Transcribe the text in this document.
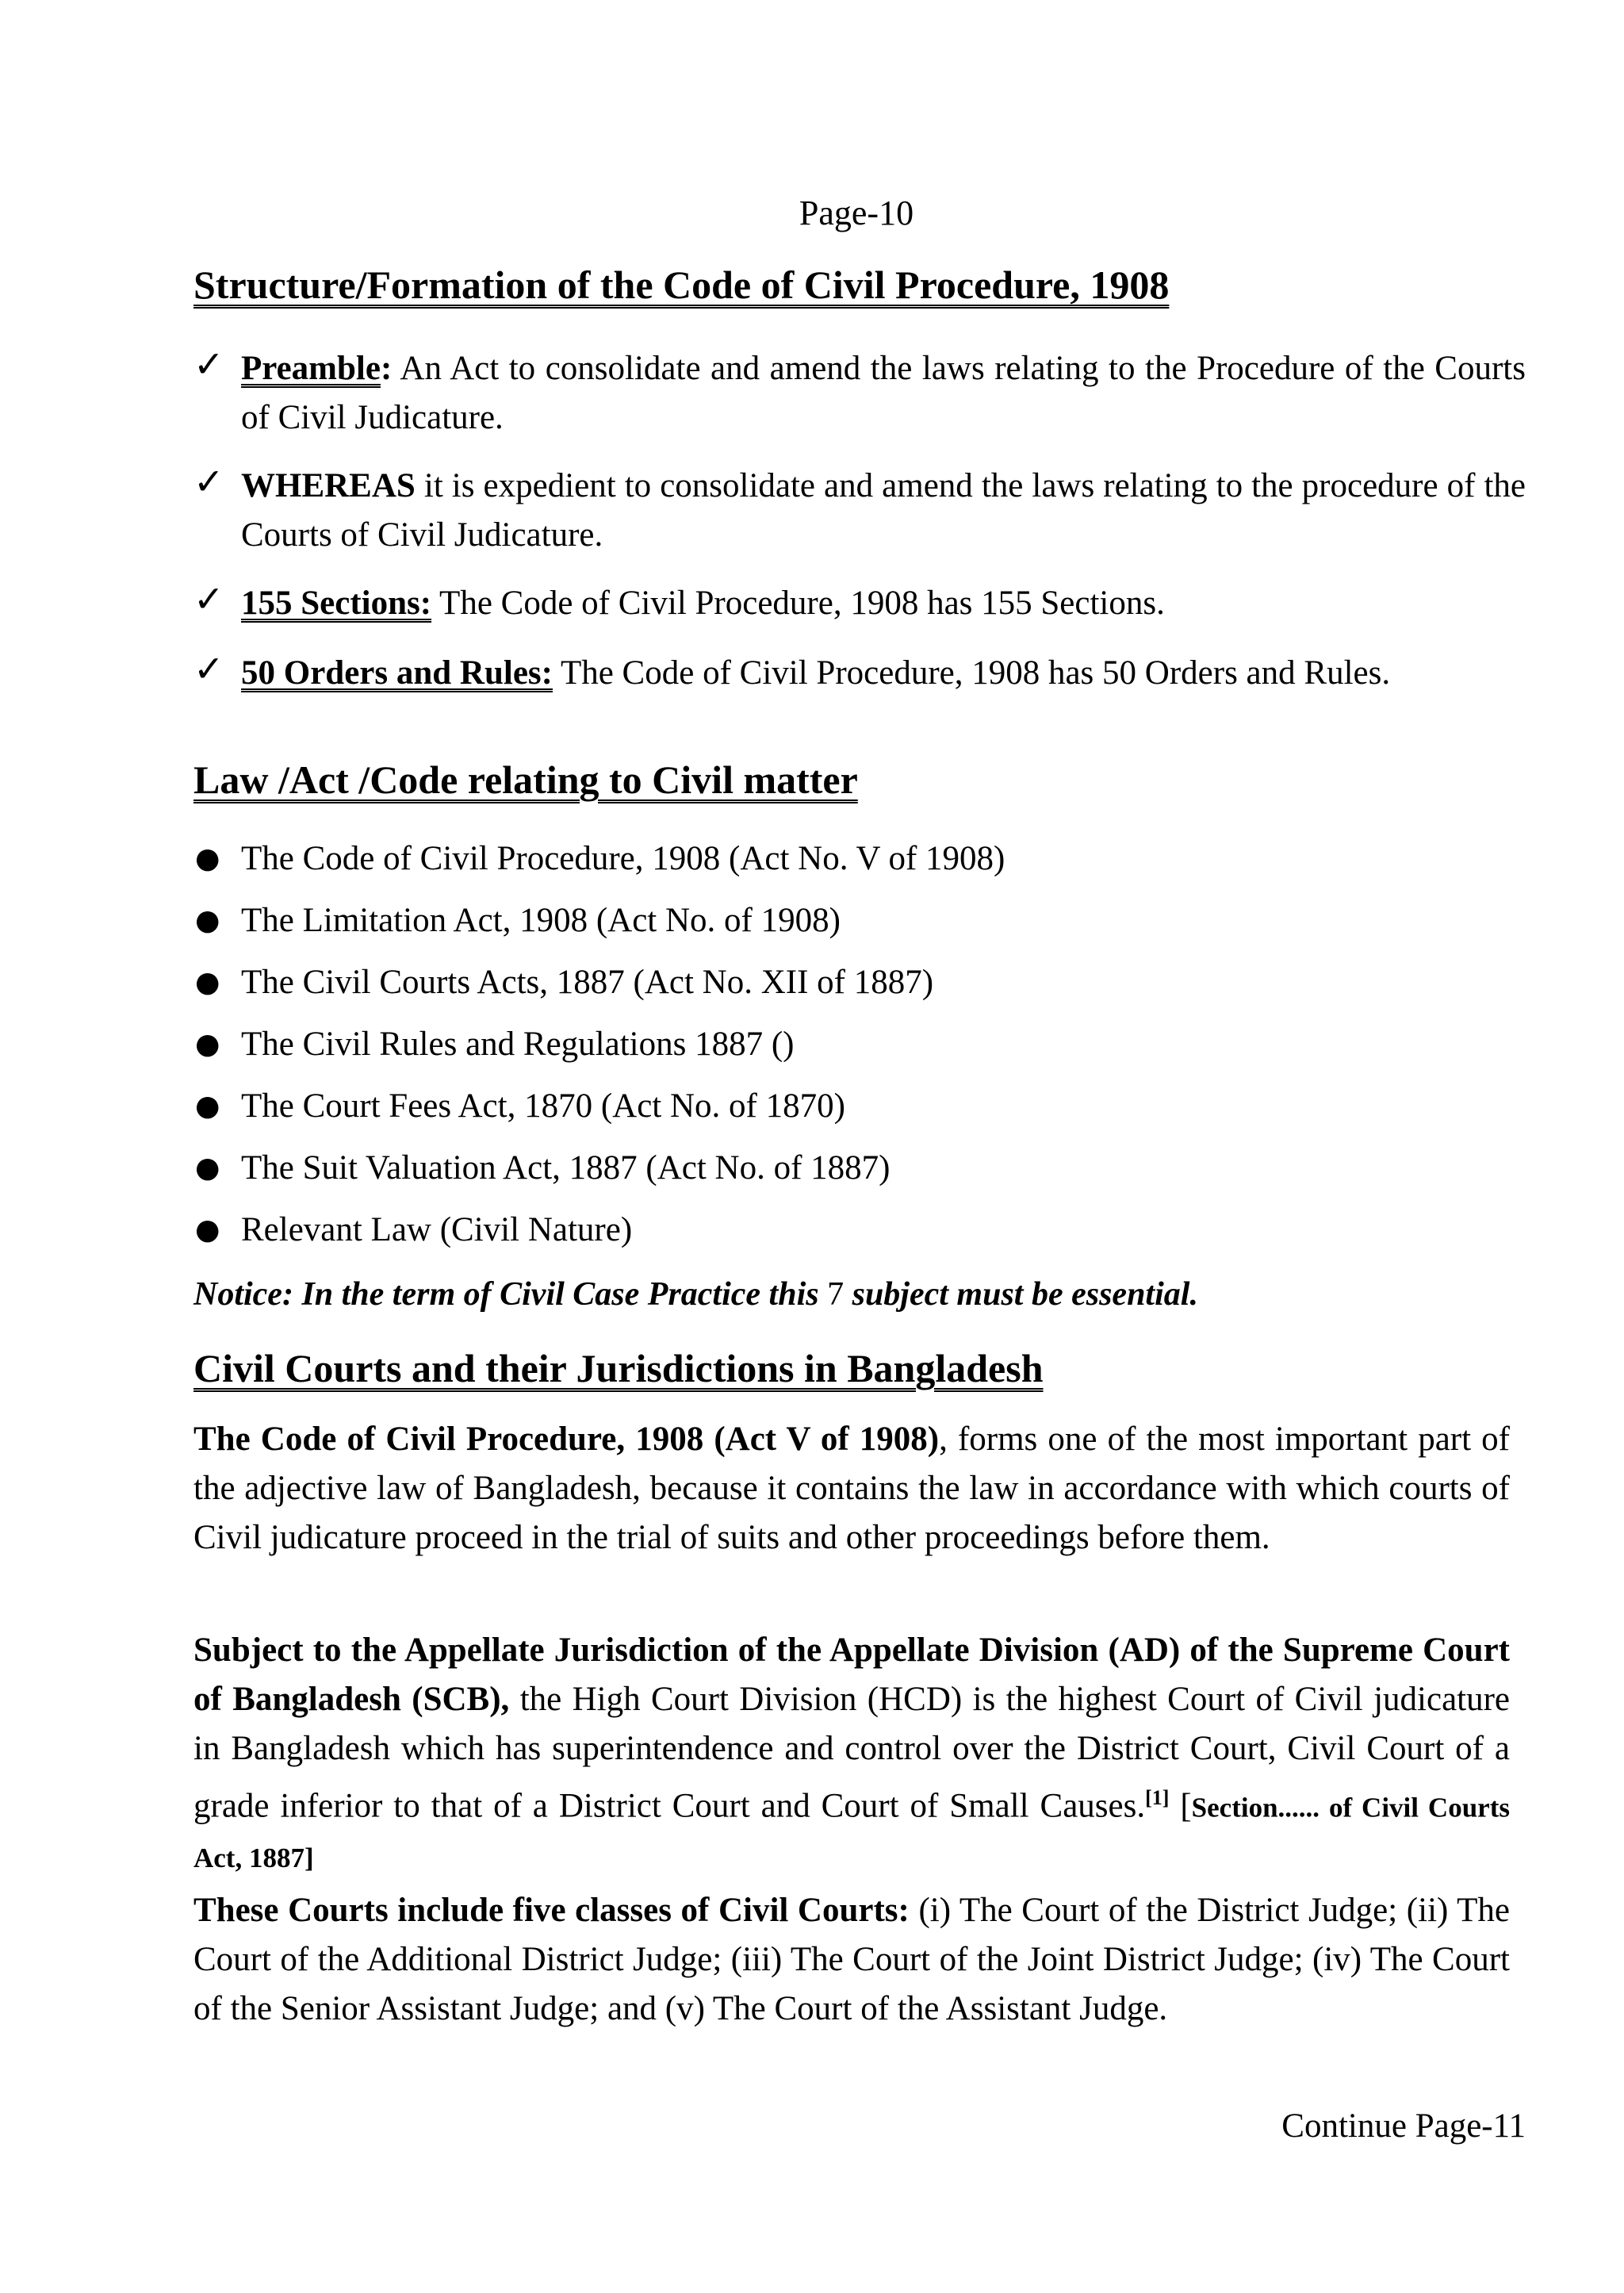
Page-10
Structure/Formation of the Code of Civil Procedure, 1908
✓ Preamble: An Act to consolidate and amend the laws relating to the Procedure of the Courts of Civil Judicature.
✓ WHEREAS it is expedient to consolidate and amend the laws relating to the procedure of the Courts of Civil Judicature.
✓ 155 Sections: The Code of Civil Procedure, 1908 has 155 Sections.
✓ 50 Orders and Rules: The Code of Civil Procedure, 1908 has 50 Orders and Rules.
Law /Act /Code relating to Civil matter
● The Code of Civil Procedure, 1908 (Act No. V of 1908)
● The Limitation Act, 1908 (Act No. of 1908)
● The Civil Courts Acts, 1887 (Act No. XII of 1887)
● The Civil Rules and Regulations 1887 ()
● The Court Fees Act, 1870 (Act No. of 1870)
● The Suit Valuation Act, 1887 (Act No. of 1887)
● Relevant Law (Civil Nature)
Notice: In the term of Civil Case Practice this 7 subject must be essential.
Civil Courts and their Jurisdictions in Bangladesh

The Code of Civil Procedure, 1908 (Act V of 1908), forms one of the most important part of the adjective law of Bangladesh, because it contains the law in accordance with which courts of Civil judicature proceed in the trial of suits and other proceedings before them.

Subject to the Appellate Jurisdiction of the Appellate Division (AD) of the Supreme Court of Bangladesh (SCB), the High Court Division (HCD) is the highest Court of Civil judicature in Bangladesh which has superintendence and control over the District Court, Civil Court of a grade inferior to that of a District Court and Court of Small Causes.[1] [Section...... of Civil Courts Act, 1887]

These Courts include five classes of Civil Courts: (i) The Court of the District Judge; (ii) The Court of the Additional District Judge; (iii) The Court of the Joint District Judge; (iv) The Court of the Senior Assistant Judge; and (v) The Court of the Assistant Judge.

Continue Page-11
